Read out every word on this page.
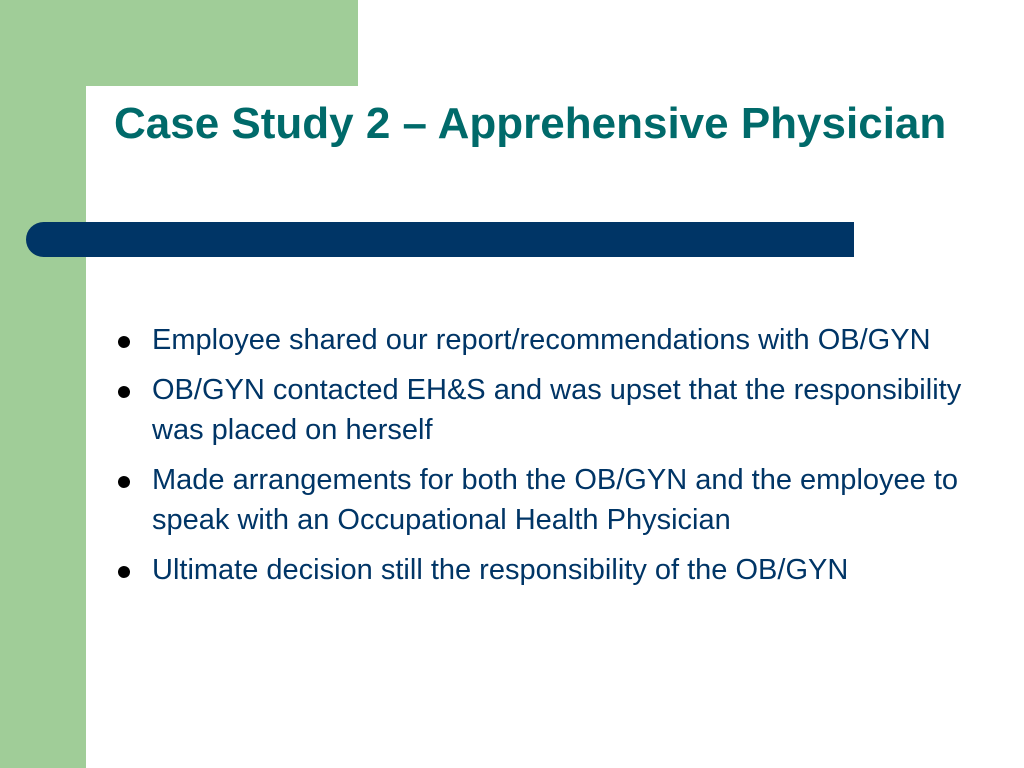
Case Study 2 – Apprehensive Physician
Employee shared our report/recommendations with OB/GYN
OB/GYN contacted EH&S and was upset that the responsibility was placed on herself
Made arrangements for both the OB/GYN and the employee to speak with an Occupational Health Physician
Ultimate decision still the responsibility of the OB/GYN
